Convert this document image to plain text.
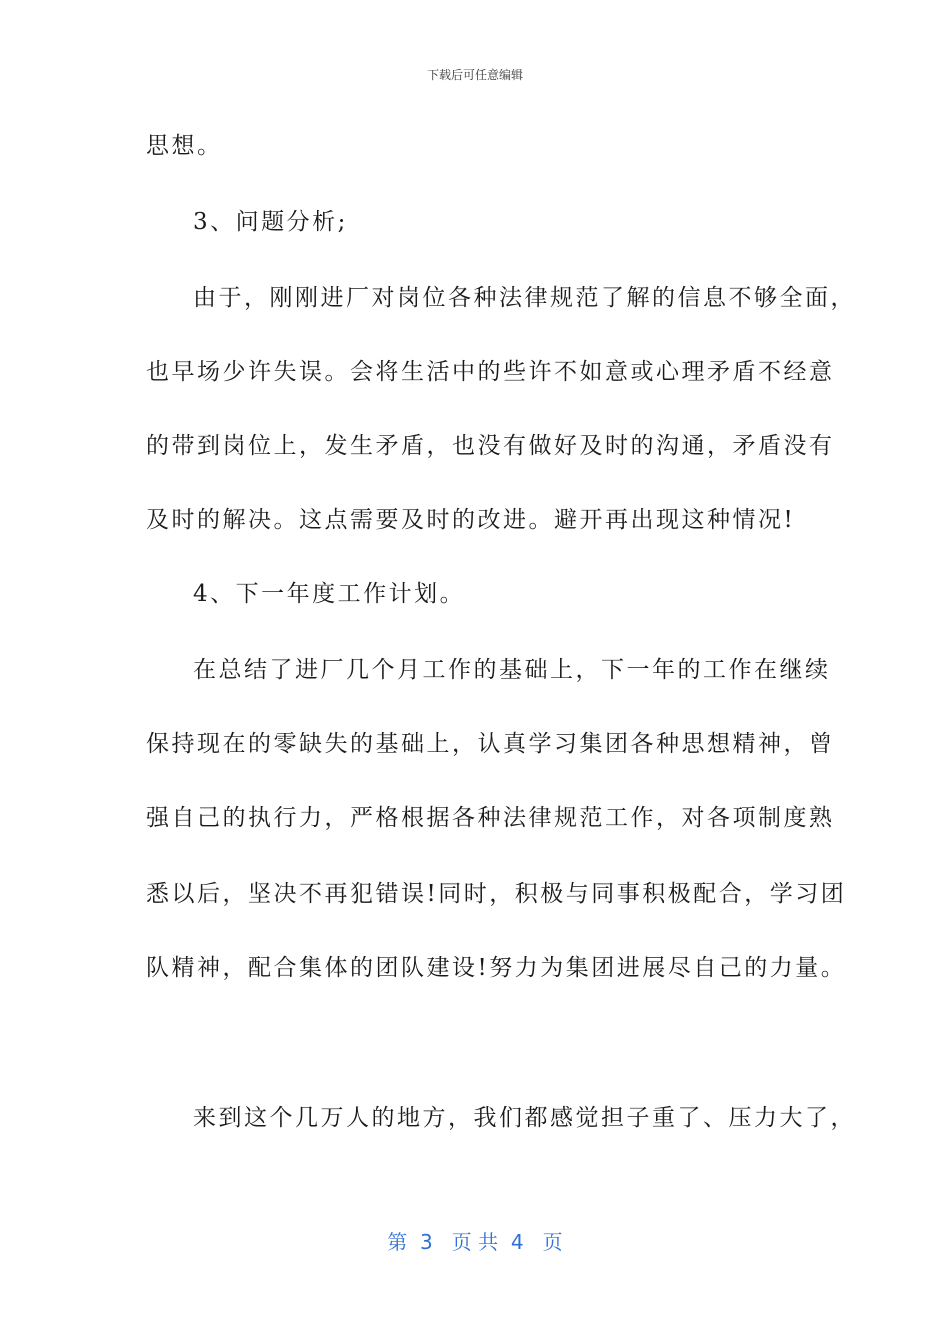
下载后可任意编辑
思想。
3、问题分析;
由于，刚刚进厂对岗位各种法律规范了解的信息不够全面，
也早场少许失误。会将生活中的些许不如意或心理矛盾不经意
的带到岗位上，发生矛盾，也没有做好及时的沟通，矛盾没有
及时的解决。这点需要及时的改进。避开再出现这种情况!
4、下一年度工作计划。
在总结了进厂几个月工作的基础上，下一年的工作在继续
保持现在的零缺失的基础上，认真学习集团各种思想精神，曾
强自己的执行力，严格根据各种法律规范工作，对各项制度熟
悉以后，坚决不再犯错误!同时，积极与同事积极配合，学习团
队精神，配合集体的团队建设!努力为集团进展尽自己的力量。
来到这个几万人的地方，我们都感觉担子重了、压力大了，
第  3   页 共  4   页
